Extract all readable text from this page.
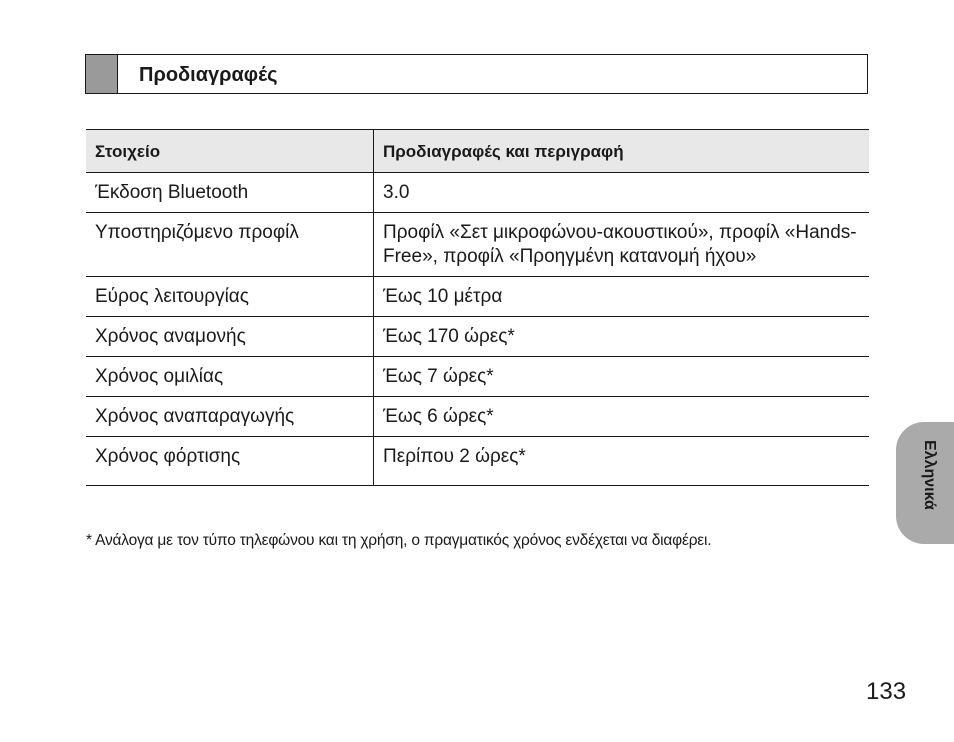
Προδιαγραφές
Στοιχείο	Προδιαγραφές και περιγραφή
Έκδοση Bluetooth	3.0
Υποστηριζόμενο προφίλ	Προφίλ «Σετ μικροφώνου-ακουστικού», προφίλ «Hands-Free», προφίλ «Προηγμένη κατανομή ήχου»
Εύρος λειτουργίας	Έως 10 μέτρα
Χρόνος αναμονής	Έως 170 ώρες*
Χρόνος ομιλίας	Έως 7 ώρες*
Χρόνος αναπαραγωγής	Έως 6 ώρες*
Χρόνος φόρτισης	Περίπου 2 ώρες*
* Ανάλογα με τον τύπο τηλεφώνου και τη χρήση, ο πραγματικός χρόνος ενδέχεται να διαφέρει.
Ελληνικά
133
